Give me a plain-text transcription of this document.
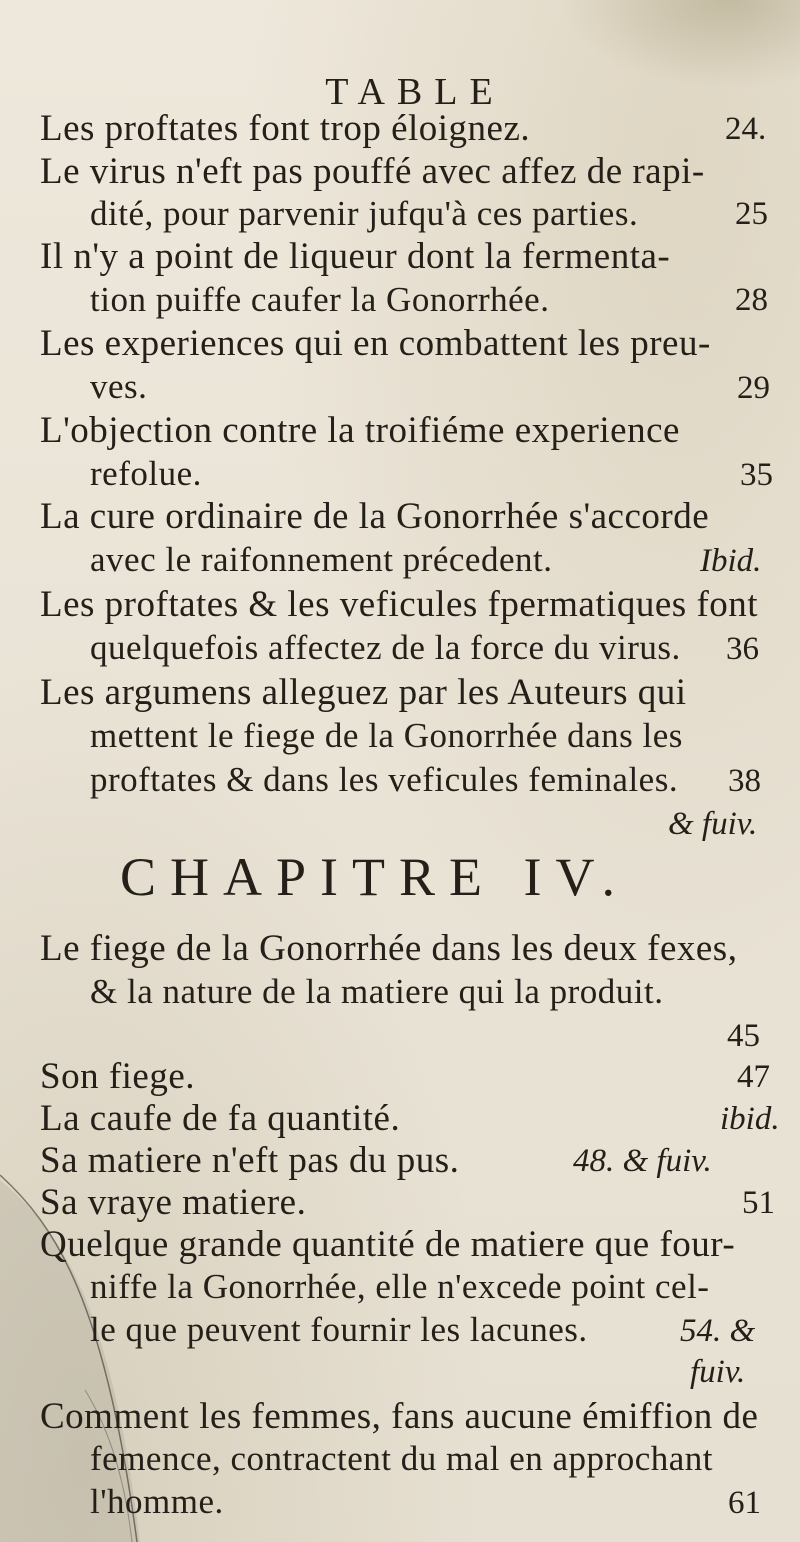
TABLE
Les proftates font trop éloignez.	24.
Le virus n'eft pas pouffé avec affez de rapi-
dité, pour parvenir jufqu'à ces parties.	25
Il n'y a point de liqueur dont la fermenta-
tion puiffe caufer la Gonorrhée.	28
Les experiences qui en combattent les preu-
ves.	29
L'objection contre la troifiéme experience
refolue.	35
La cure ordinaire de la Gonorrhée s'accorde
avec le raifonnement précedent.	Ibid.
Les proftates & les veficules fpermatiques font
quelquefois affectez de la force du virus. 36
Les argumens alleguez par les Auteurs qui
mettent le fiege de la Gonorrhée dans les
proftates & dans les veficules feminales. 38
& fuiv.
CHAPITRE IV.
Le fiege de la Gonorrhée dans les deux fexes,
& la nature de la matiere qui la produit.
45
Son fiege.	47
La caufe de fa quantité.	ibid.
Sa matiere n'eft pas du pus.	48. & fuiv.
Sa vraye matiere.	51
Quelque grande quantité de matiere que four-
niffe la Gonorrhée, elle n'excede point cel-
le que peuvent fournir les lacunes.	54. &
fuiv.
Comment les femmes, fans aucune émiffion de
femence, contractent du mal en approchant
l'homme.	61
